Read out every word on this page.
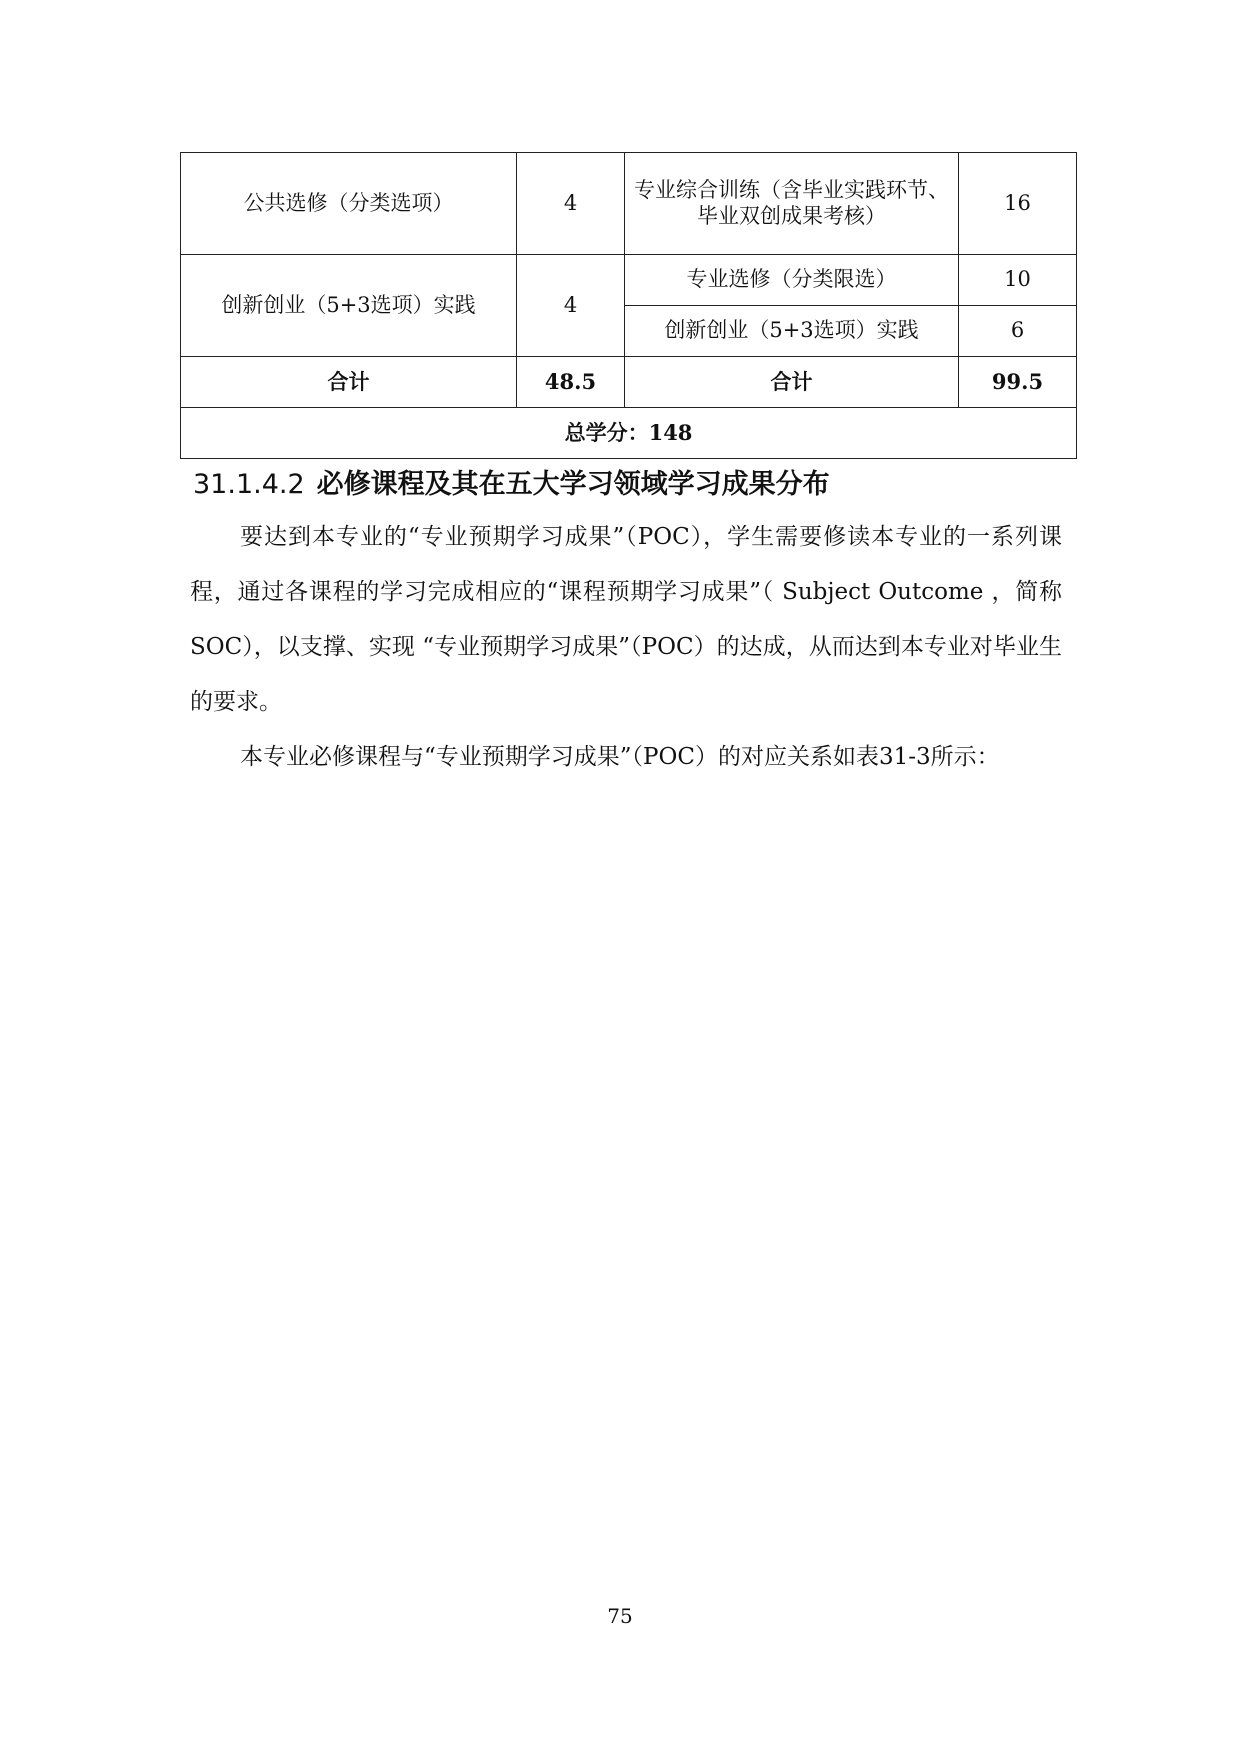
公共选修（分类选项）	4	专业综合训练（含毕业实践环节、
毕业双创成果考核）	16
创新创业（5+3选项）实践	4	专业选修（分类限选）	10
		创新创业（5+3选项）实践	6
合计	48.5	合计	99.5
总学分：148			
31.1.4.2 必修课程及其在五大学习领域学习成果分布

要达到本专业的“专业预期学习成果”（POC），学生需要修读本专业的一系列课程，通过各课程的学习完成相应的“课程预期学习成果”（ Subject Outcome ，简称SOC），以支撑、实现 “专业预期学习成果”（POC）的达成，从而达到本专业对毕业生的要求。

本专业必修课程与“专业预期学习成果”（POC）的对应关系如表31-3所示：

75
